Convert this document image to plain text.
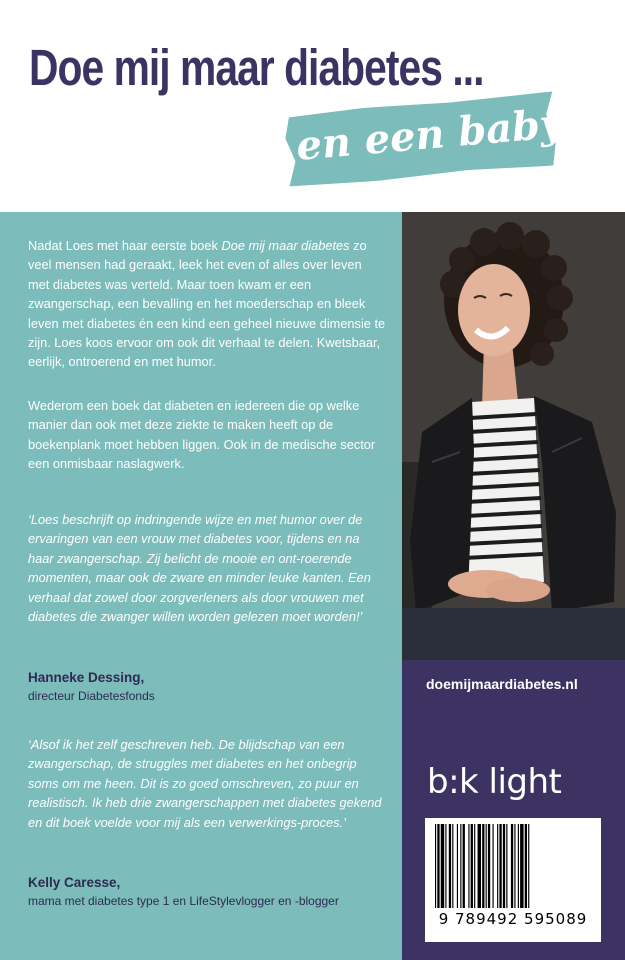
Doe mij maar diabetes ...
en een baby

Nadat Loes met haar eerste boek Doe mij maar diabetes zo veel mensen had geraakt, leek het even of alles over leven met diabetes was verteld. Maar toen kwam er een zwangerschap, een bevalling en het moederschap en bleek leven met diabetes én een kind een geheel nieuwe dimensie te zijn. Loes koos ervoor om ook dit verhaal te delen. Kwetsbaar, eerlijk, ontroerend en met humor.

Wederom een boek dat diabeten en iedereen die op welke manier dan ook met deze ziekte te maken heeft op de boekenplank moet hebben liggen. Ook in de medische sector een onmisbaar naslagwerk.

‘Loes beschrijft op indringende wijze en met humor over de ervaringen van een vrouw met diabetes voor, tijdens en na haar zwangerschap. Zij belicht de mooie en ont-roerende momenten, maar ook de zware en minder leuke kanten. Een verhaal dat zowel door zorgverleners als door vrouwen met diabetes die zwanger willen worden gelezen moet worden!’

Hanneke Dessing,
directeur Diabetesfonds

‘Alsof ik het zelf geschreven heb. De blijdschap van een zwangerschap, de struggles met diabetes en het onbegrip soms om me heen. Dit is zo goed omschreven, zo puur en realistisch. Ik heb drie zwangerschappen met diabetes gekend en dit boek voelde voor mij als een verwerkings-proces.’

Kelly Caresse,
mama met diabetes type 1 en LifeStylevlogger en -blogger
doemijmaardiabetes.nl
b:k light
9 789492 595089
